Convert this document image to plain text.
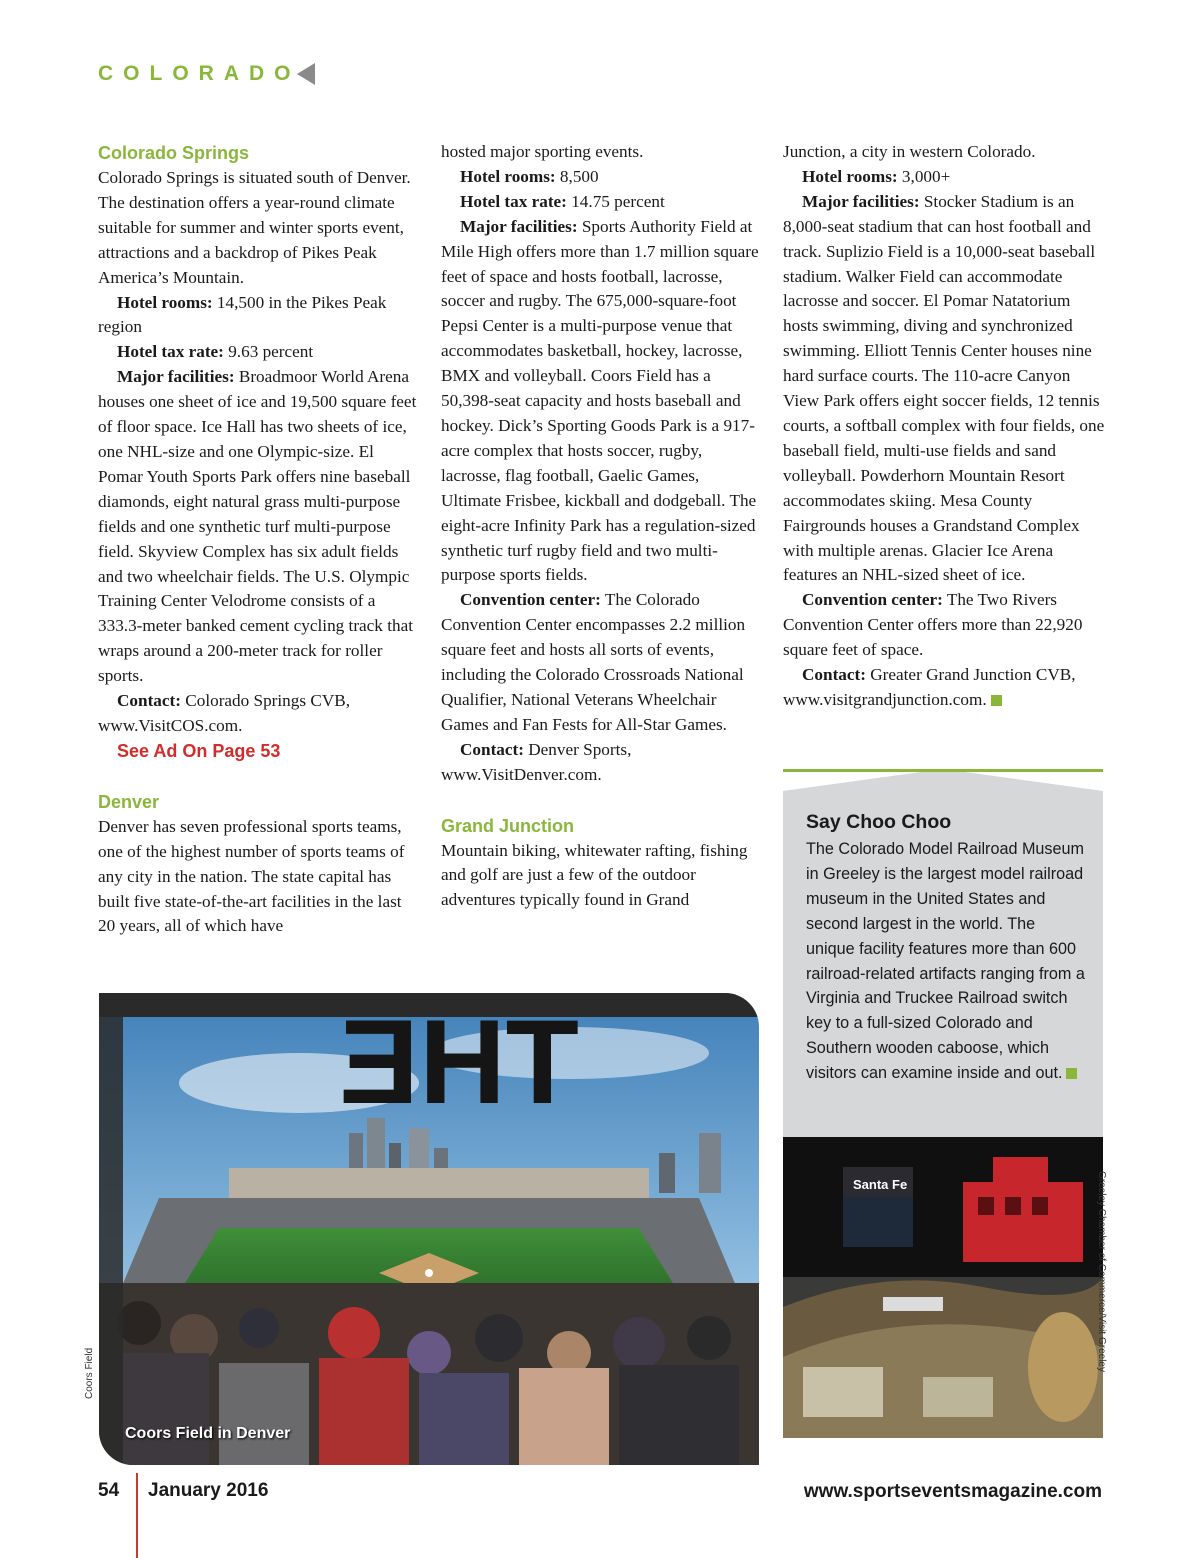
COLORADO
Colorado Springs

Colorado Springs is situated south of Denver. The destination offers a year-round climate suitable for summer and winter sports event, attractions and a backdrop of Pikes Peak America’s Mountain.

Hotel rooms: 14,500 in the Pikes Peak region

Hotel tax rate: 9.63 percent

Major facilities: Broadmoor World Arena houses one sheet of ice and 19,500 square feet of floor space. Ice Hall has two sheets of ice, one NHL-size and one Olympic-size. El Pomar Youth Sports Park offers nine baseball diamonds, eight natural grass multi-purpose fields and one synthetic turf multi-purpose field. Skyview Complex has six adult fields and two wheelchair fields. The U.S. Olympic Training Center Velodrome consists of a 333.3-meter banked cement cycling track that wraps around a 200-meter track for roller sports.

Contact: Colorado Springs CVB, www.VisitCOS.com.

See Ad On Page 53
Denver

Denver has seven professional sports teams, one of the highest number of sports teams of any city in the nation. The state capital has built five state-of-the-art facilities in the last 20 years, all of which have

hosted major sporting events.

Hotel rooms: 8,500

Hotel tax rate: 14.75 percent

Major facilities: Sports Authority Field at Mile High offers more than 1.7 million square feet of space and hosts football, lacrosse, soccer and rugby. The 675,000-square-foot Pepsi Center is a multi-purpose venue that accommodates basketball, hockey, lacrosse, BMX and volleyball. Coors Field has a 50,398-seat capacity and hosts baseball and hockey. Dick’s Sporting Goods Park is a 917-acre complex that hosts soccer, rugby, lacrosse, flag football, Gaelic Games, Ultimate Frisbee, kickball and dodgeball. The eight-acre Infinity Park has a regulation-sized synthetic turf rugby field and two multi-purpose sports fields.

Convention center: The Colorado Convention Center encompasses 2.2 million square feet and hosts all sorts of events, including the Colorado Crossroads National Qualifier, National Veterans Wheelchair Games and Fan Fests for All-Star Games.

Contact: Denver Sports, www.VisitDenver.com.

Grand Junction

Mountain biking, whitewater rafting, fishing and golf are just a few of the outdoor adventures typically found in Grand

Junction, a city in western Colorado.

Hotel rooms: 3,000+

Major facilities: Stocker Stadium is an 8,000-seat stadium that can host football and track. Suplizio Field is a 10,000-seat baseball stadium. Walker Field can accommodate lacrosse and soccer. El Pomar Natatorium hosts swimming, diving and synchronized swimming. Elliott Tennis Center houses nine hard surface courts. The 110-acre Canyon View Park offers eight soccer fields, 12 tennis courts, a softball complex with four fields, one baseball field, multi-use fields and sand volleyball. Powderhorn Mountain Resort accommodates skiing. Mesa County Fairgrounds houses a Grandstand Complex with multiple arenas. Glacier Ice Arena features an NHL-sized sheet of ice.

Convention center: The Two Rivers Convention Center offers more than 22,920 square feet of space.

Contact: Greater Grand Junction CVB, www.visitgrandjunction.com.

Say Choo Choo
The Colorado Model Railroad Museum in Greeley is the largest model railroad museum in the United States and second largest in the world. The unique facility features more than 600 railroad-related artifacts ranging from a Virginia and Truckee Railroad switch key to a full-sized Colorado and Southern wooden caboose, which visitors can examine inside and out.
THE
Coors Field in Denver
Coors Field
Santa Fe	Greeley Chamber of Commerce/Visit Greeley
54 January 2016	www.sportseventsmagazine.com
